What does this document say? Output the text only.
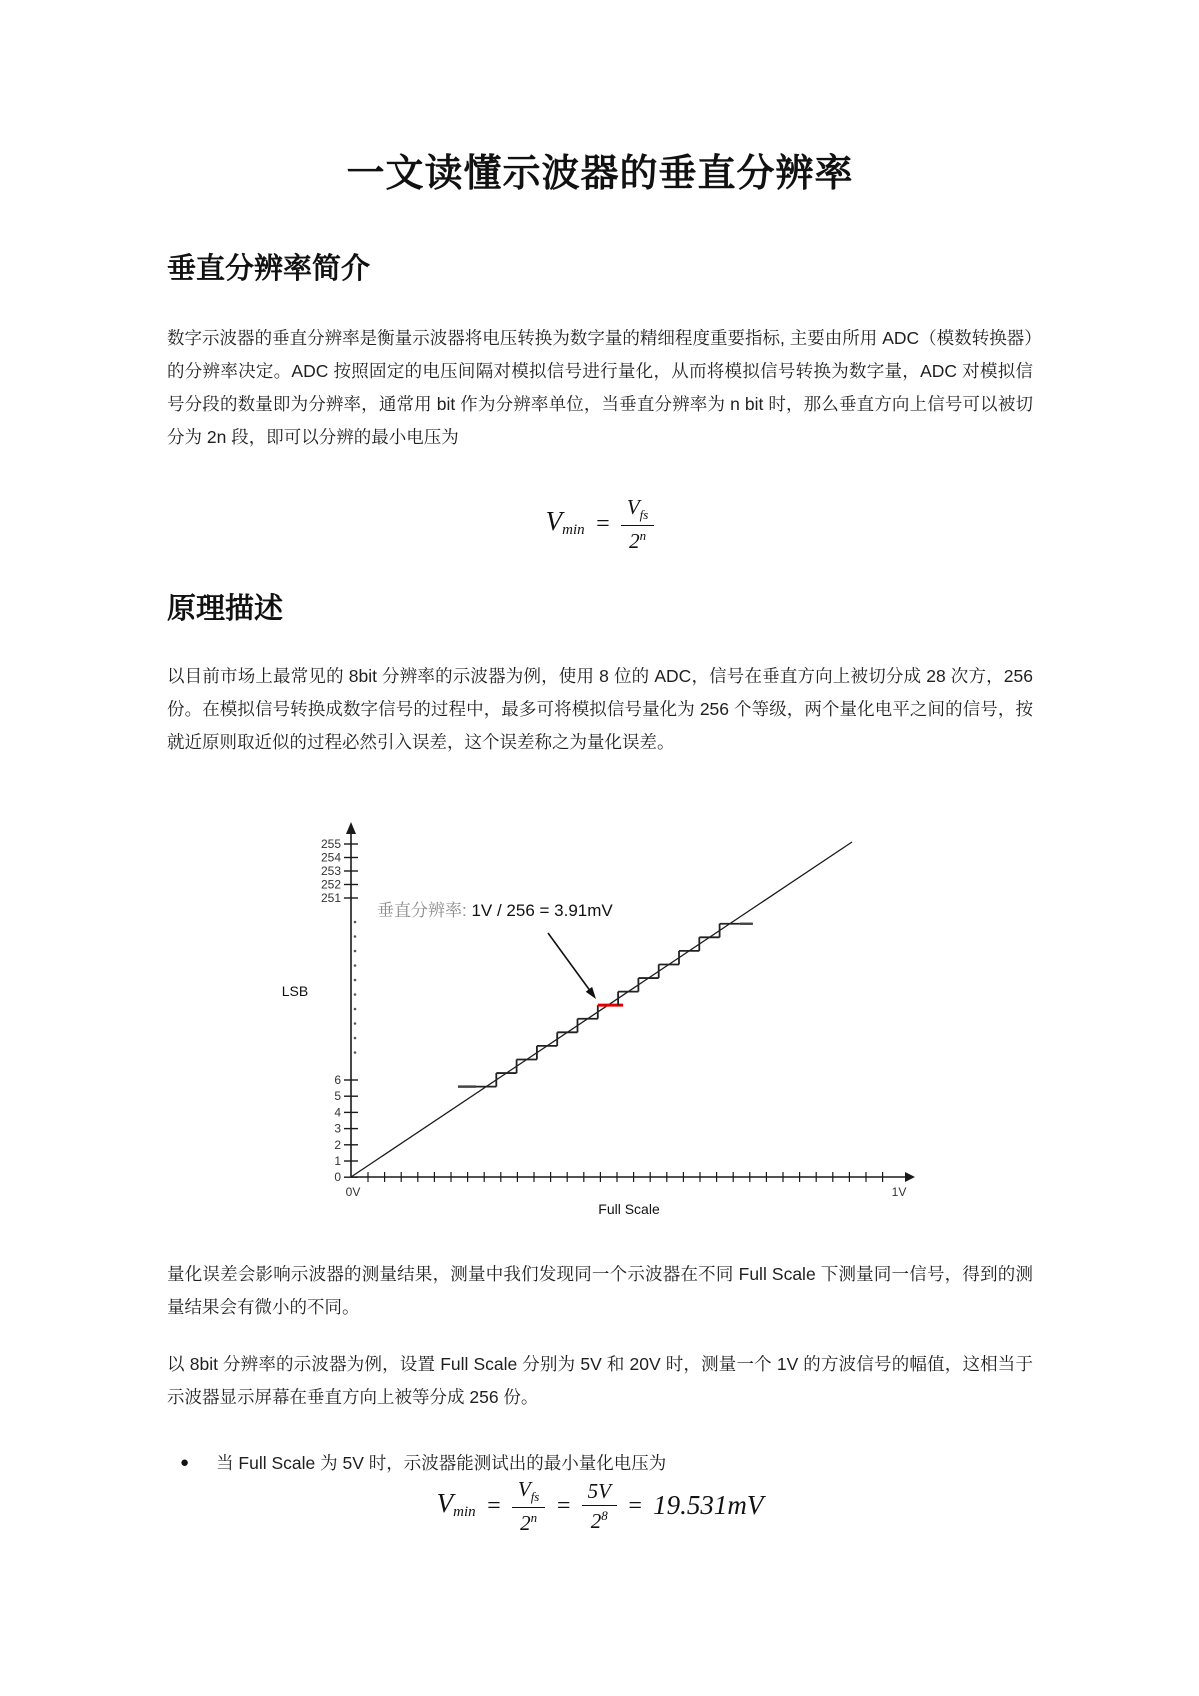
一文读懂示波器的垂直分辨率
垂直分辨率简介
数字示波器的垂直分辨率是衡量示波器将电压转换为数字量的精细程度重要指标, 主要由所用 ADC（模数转换器）的分辨率决定。ADC 按照固定的电压间隔对模拟信号进行量化，从而将模拟信号转换为数字量，ADC 对模拟信号分段的数量即为分辨率，通常用 bit 作为分辨率单位，当垂直分辨率为 n bit 时，那么垂直方向上信号可以被切分为 2n 段，即可以分辨的最小电压为
$V_{min} = \frac{V_{fs}}{2^n}$
原理描述
以目前市场上最常见的 8bit 分辨率的示波器为例，使用 8 位的 ADC，信号在垂直方向上被切分成 28 次方，256 份。在模拟信号转换成数字信号的过程中，最多可将模拟信号量化为 256 个等级，两个量化电平之间的信号，按就近原则取近似的过程必然引入误差，这个误差称之为量化误差。
255
254
253
252
251
6
5
4
3
2
1
0
0V	1V
Full Scale
LSB
垂直分辨率: 1V / 256 = 3.91mV
量化误差会影响示波器的测量结果，测量中我们发现同一个示波器在不同 Full Scale 下测量同一信号，得到的测量结果会有微小的不同。
以 8bit 分辨率的示波器为例，设置 Full Scale 分别为 5V 和 20V 时，测量一个 1V 的方波信号的幅值，这相当于示波器显示屏幕在垂直方向上被等分成 256 份。
● 当 Full Scale 为 5V 时，示波器能测试出的最小量化电压为
$V_{min} = \frac{V_{fs}}{2^n} = \frac{5V}{2^8} = 19.531mV$
